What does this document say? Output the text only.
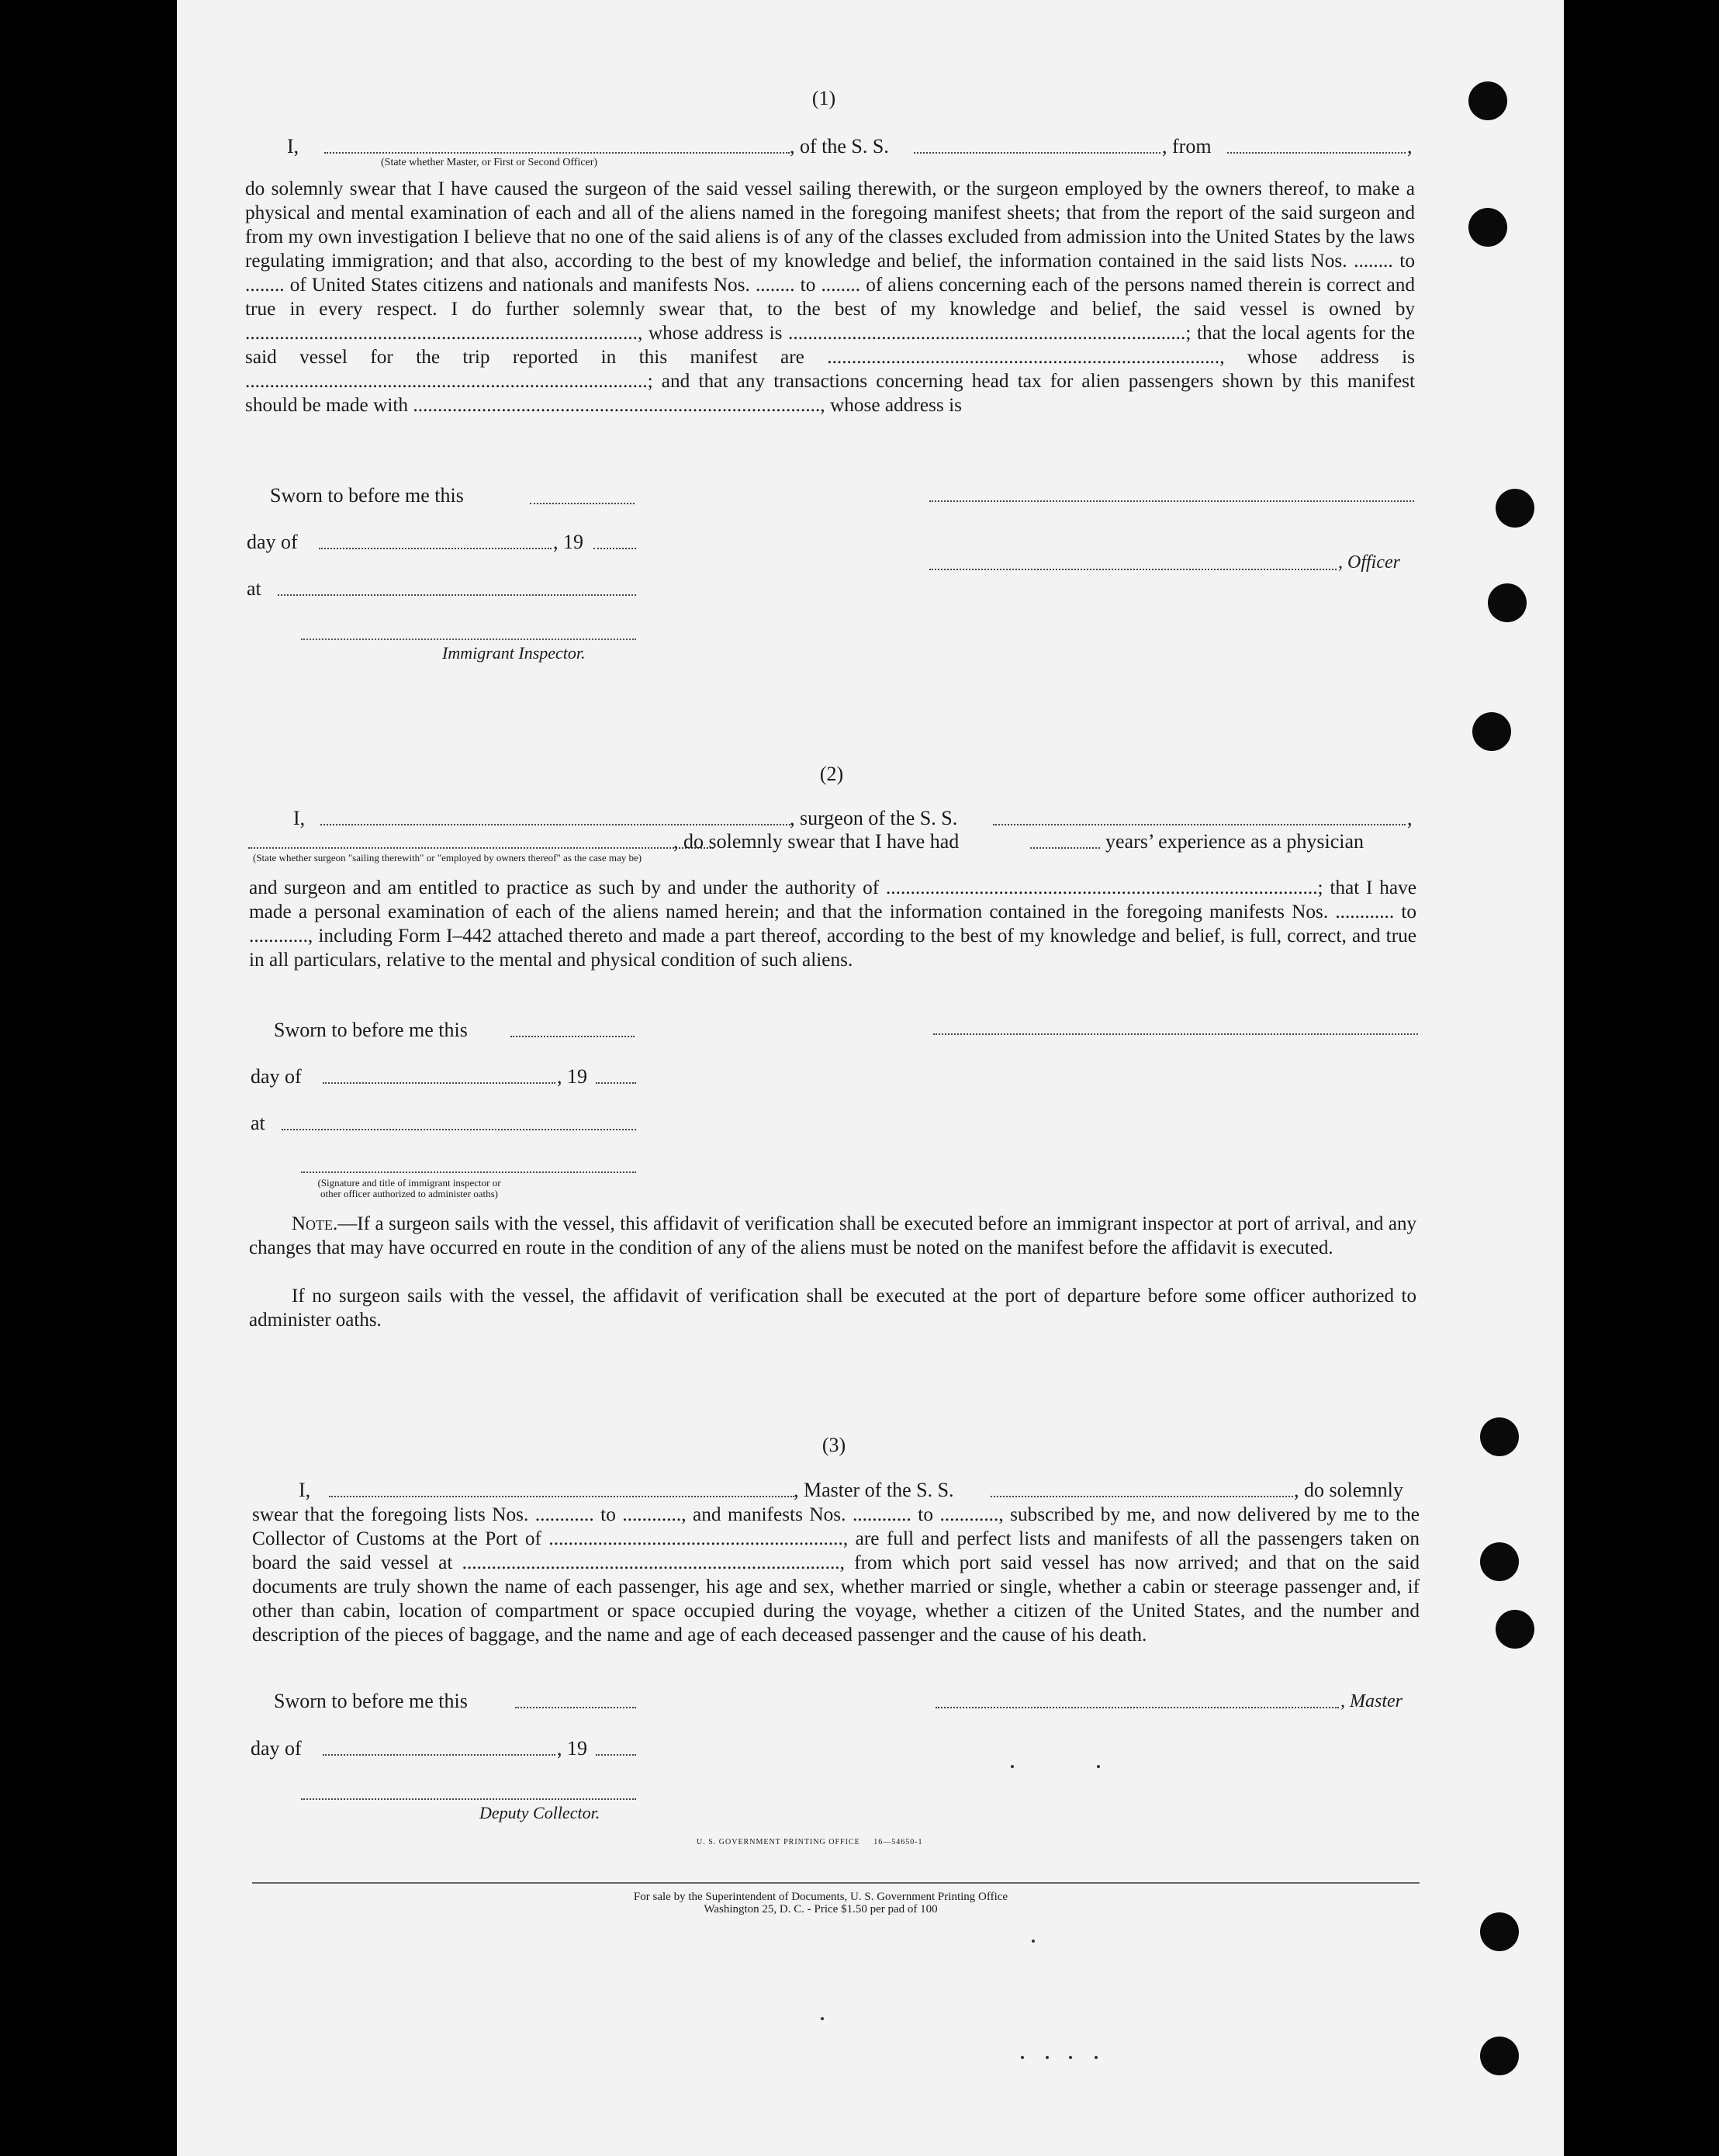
(1)
I,	, of the S. S.	, from	,
(State whether Master, or First or Second Officer)
do solemnly swear that I have caused the surgeon of the said vessel sailing therewith, or the surgeon employed by the owners thereof, to make a physical and mental examination of each and all of the aliens named in the foregoing manifest sheets; that from the report of the said surgeon and from my own investigation I believe that no one of the said aliens is of any of the classes excluded from admission into the United States by the laws regulating immigration; and that also, according to the best of my knowledge and belief, the information contained in the said lists Nos. ........ to ........ of United States citizens and nationals and manifests Nos. ........ to ........ of aliens concerning each of the persons named therein is correct and true in every respect. I do further solemnly swear that, to the best of my knowledge and belief, the said vessel is owned by ................................................................................, whose address is .................................................................................; that the local agents for the said vessel for the trip reported in this manifest are ................................................................................, whose address is ..................................................................................; and that any transactions concerning head tax for alien passengers shown by this manifest should be made with ..................................................................................., whose address is
Sworn to before me this
day of	, 19
, Officer
at
Immigrant Inspector.
(2)
I,	, surgeon of the S. S.	,
, do solemnly swear that I have had	years’ experience as a physician
(State whether surgeon "sailing therewith" or "employed by owners thereof" as the case may be)
and surgeon and am entitled to practice as such by and under the authority of ........................................................................................; that I have made a personal examination of each of the aliens named herein; and that the information contained in the foregoing manifests Nos. ............ to ............, including Form I–442 attached thereto and made a part thereof, according to the best of my knowledge and belief, is full, correct, and true in all particulars, relative to the mental and physical condition of such aliens.
Sworn to before me this
day of	, 19
at
(Signature and title of immigrant inspector or other officer authorized to administer oaths)
Note.—If a surgeon sails with the vessel, this affidavit of verification shall be executed before an immigrant inspector at port of arrival, and any changes that may have occurred en route in the condition of any of the aliens must be noted on the manifest before the affidavit is executed.
If no surgeon sails with the vessel, the affidavit of verification shall be executed at the port of departure before some officer authorized to administer oaths.
(3)
I,	, Master of the S. S.	, do solemnly
swear that the foregoing lists Nos. ............ to ............, and manifests Nos. ............ to ............, subscribed by me, and now delivered by me to the Collector of Customs at the Port of ............................................................, are full and perfect lists and manifests of all the passengers taken on board the said vessel at ............................................................................., from which port said vessel has now arrived; and that on the said documents are truly shown the name of each passenger, his age and sex, whether married or single, whether a cabin or steerage passenger and, if other than cabin, location of compartment or space occupied during the voyage, whether a citizen of the United States, and the number and description of the pieces of baggage, and the name and age of each deceased passenger and the cause of his death.
Sworn to before me this	, Master
day of	, 19
Deputy Collector.
U. S. GOVERNMENT PRINTING OFFICE     16—54650-1
For sale by the Superintendent of Documents, U. S. Government Printing Office
Washington 25, D. C. - Price $1.50 per pad of 100
